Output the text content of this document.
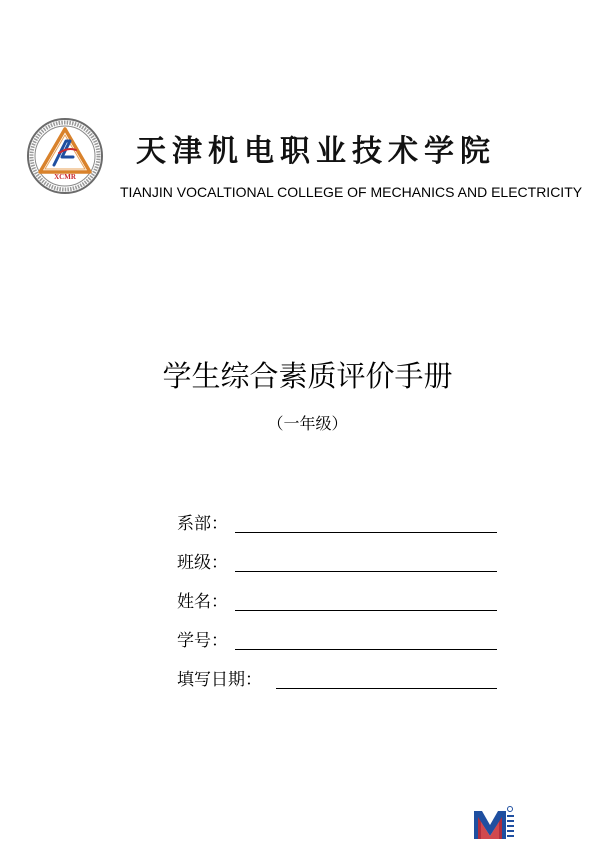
XCMR
天津机电职业技术学院
TIANJIN VOCALTIONAL COLLEGE OF MECHANICS AND ELECTRICITY
学生综合素质评价手册
（一年级）
系部：
班级：
姓名：
学号：
填写日期：
